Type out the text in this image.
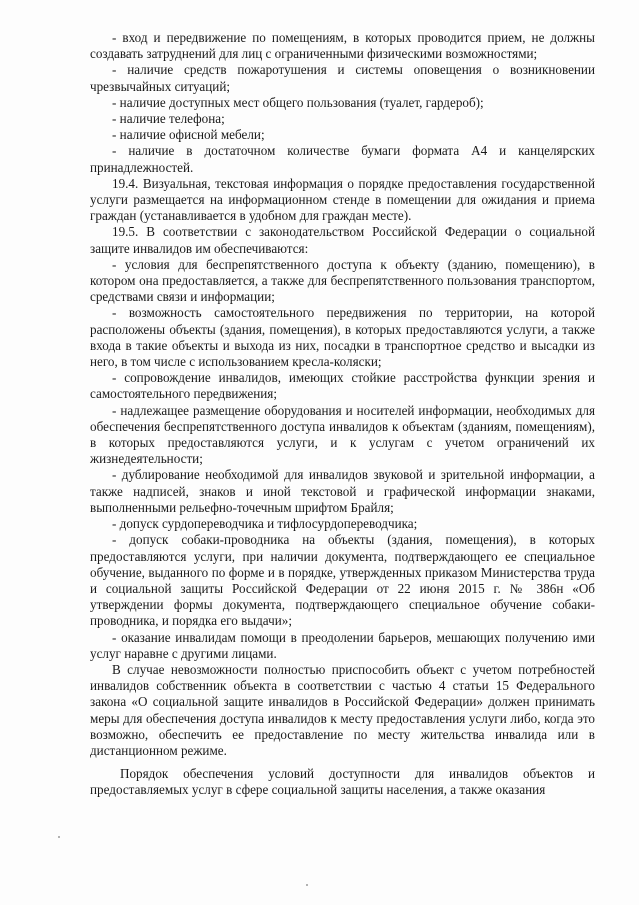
- вход и передвижение по помещениям, в которых проводится прием, не должны создавать затруднений для лиц с ограниченными физическими возможностями;

- наличие средств пожаротушения и системы оповещения о возникновении чрезвычайных ситуаций;

- наличие доступных мест общего пользования (туалет, гардероб);

- наличие телефона;

- наличие офисной мебели;

- наличие в достаточном количестве бумаги формата А4 и канцелярских принадлежностей.

19.4. Визуальная, текстовая информация о порядке предоставления государственной услуги размещается на информационном стенде в помещении для ожидания и приема граждан (устанавливается в удобном для граждан месте).

19.5. В соответствии с законодательством Российской Федерации о социальной защите инвалидов им обеспечиваются:

- условия для беспрепятственного доступа к объекту (зданию, помещению), в котором она предоставляется, а также для беспрепятственного пользования транспортом, средствами связи и информации;

- возможность самостоятельного передвижения по территории, на которой расположены объекты (здания, помещения), в которых предоставляются услуги, а также входа в такие объекты и выхода из них, посадки в транспортное средство и высадки из него, в том числе с использованием кресла-коляски;

- сопровождение инвалидов, имеющих стойкие расстройства функции зрения и самостоятельного передвижения;

- надлежащее размещение оборудования и носителей информации, необходимых для обеспечения беспрепятственного доступа инвалидов к объектам (зданиям, помещениям), в которых предоставляются услуги, и к услугам с учетом ограничений их жизнедеятельности;

- дублирование необходимой для инвалидов звуковой и зрительной информации, а также надписей, знаков и иной текстовой и графической информации знаками, выполненными рельефно-точечным шрифтом Брайля;

- допуск сурдопереводчика и тифлосурдопереводчика;

- допуск собаки-проводника на объекты (здания, помещения), в которых предоставляются услуги, при наличии документа, подтверждающего ее специальное обучение, выданного по форме и в порядке, утвержденных приказом Министерства труда и социальной защиты Российской Федерации от 22 июня 2015 г. № 386н «Об утверждении формы документа, подтверждающего специальное обучение собаки-проводника, и порядка его выдачи»;

- оказание инвалидам помощи в преодолении барьеров, мешающих получению ими услуг наравне с другими лицами.

В случае невозможности полностью приспособить объект с учетом потребностей инвалидов собственник объекта в соответствии с частью 4 статьи 15 Федерального закона «О социальной защите инвалидов в Российской Федерации» должен принимать меры для обеспечения доступа инвалидов к месту предоставления услуги либо, когда это возможно, обеспечить ее предоставление по месту жительства инвалида или в дистанционном режиме.

Порядок обеспечения условий доступности для инвалидов объектов и предоставляемых услуг в сфере социальной защиты населения, а также оказания
